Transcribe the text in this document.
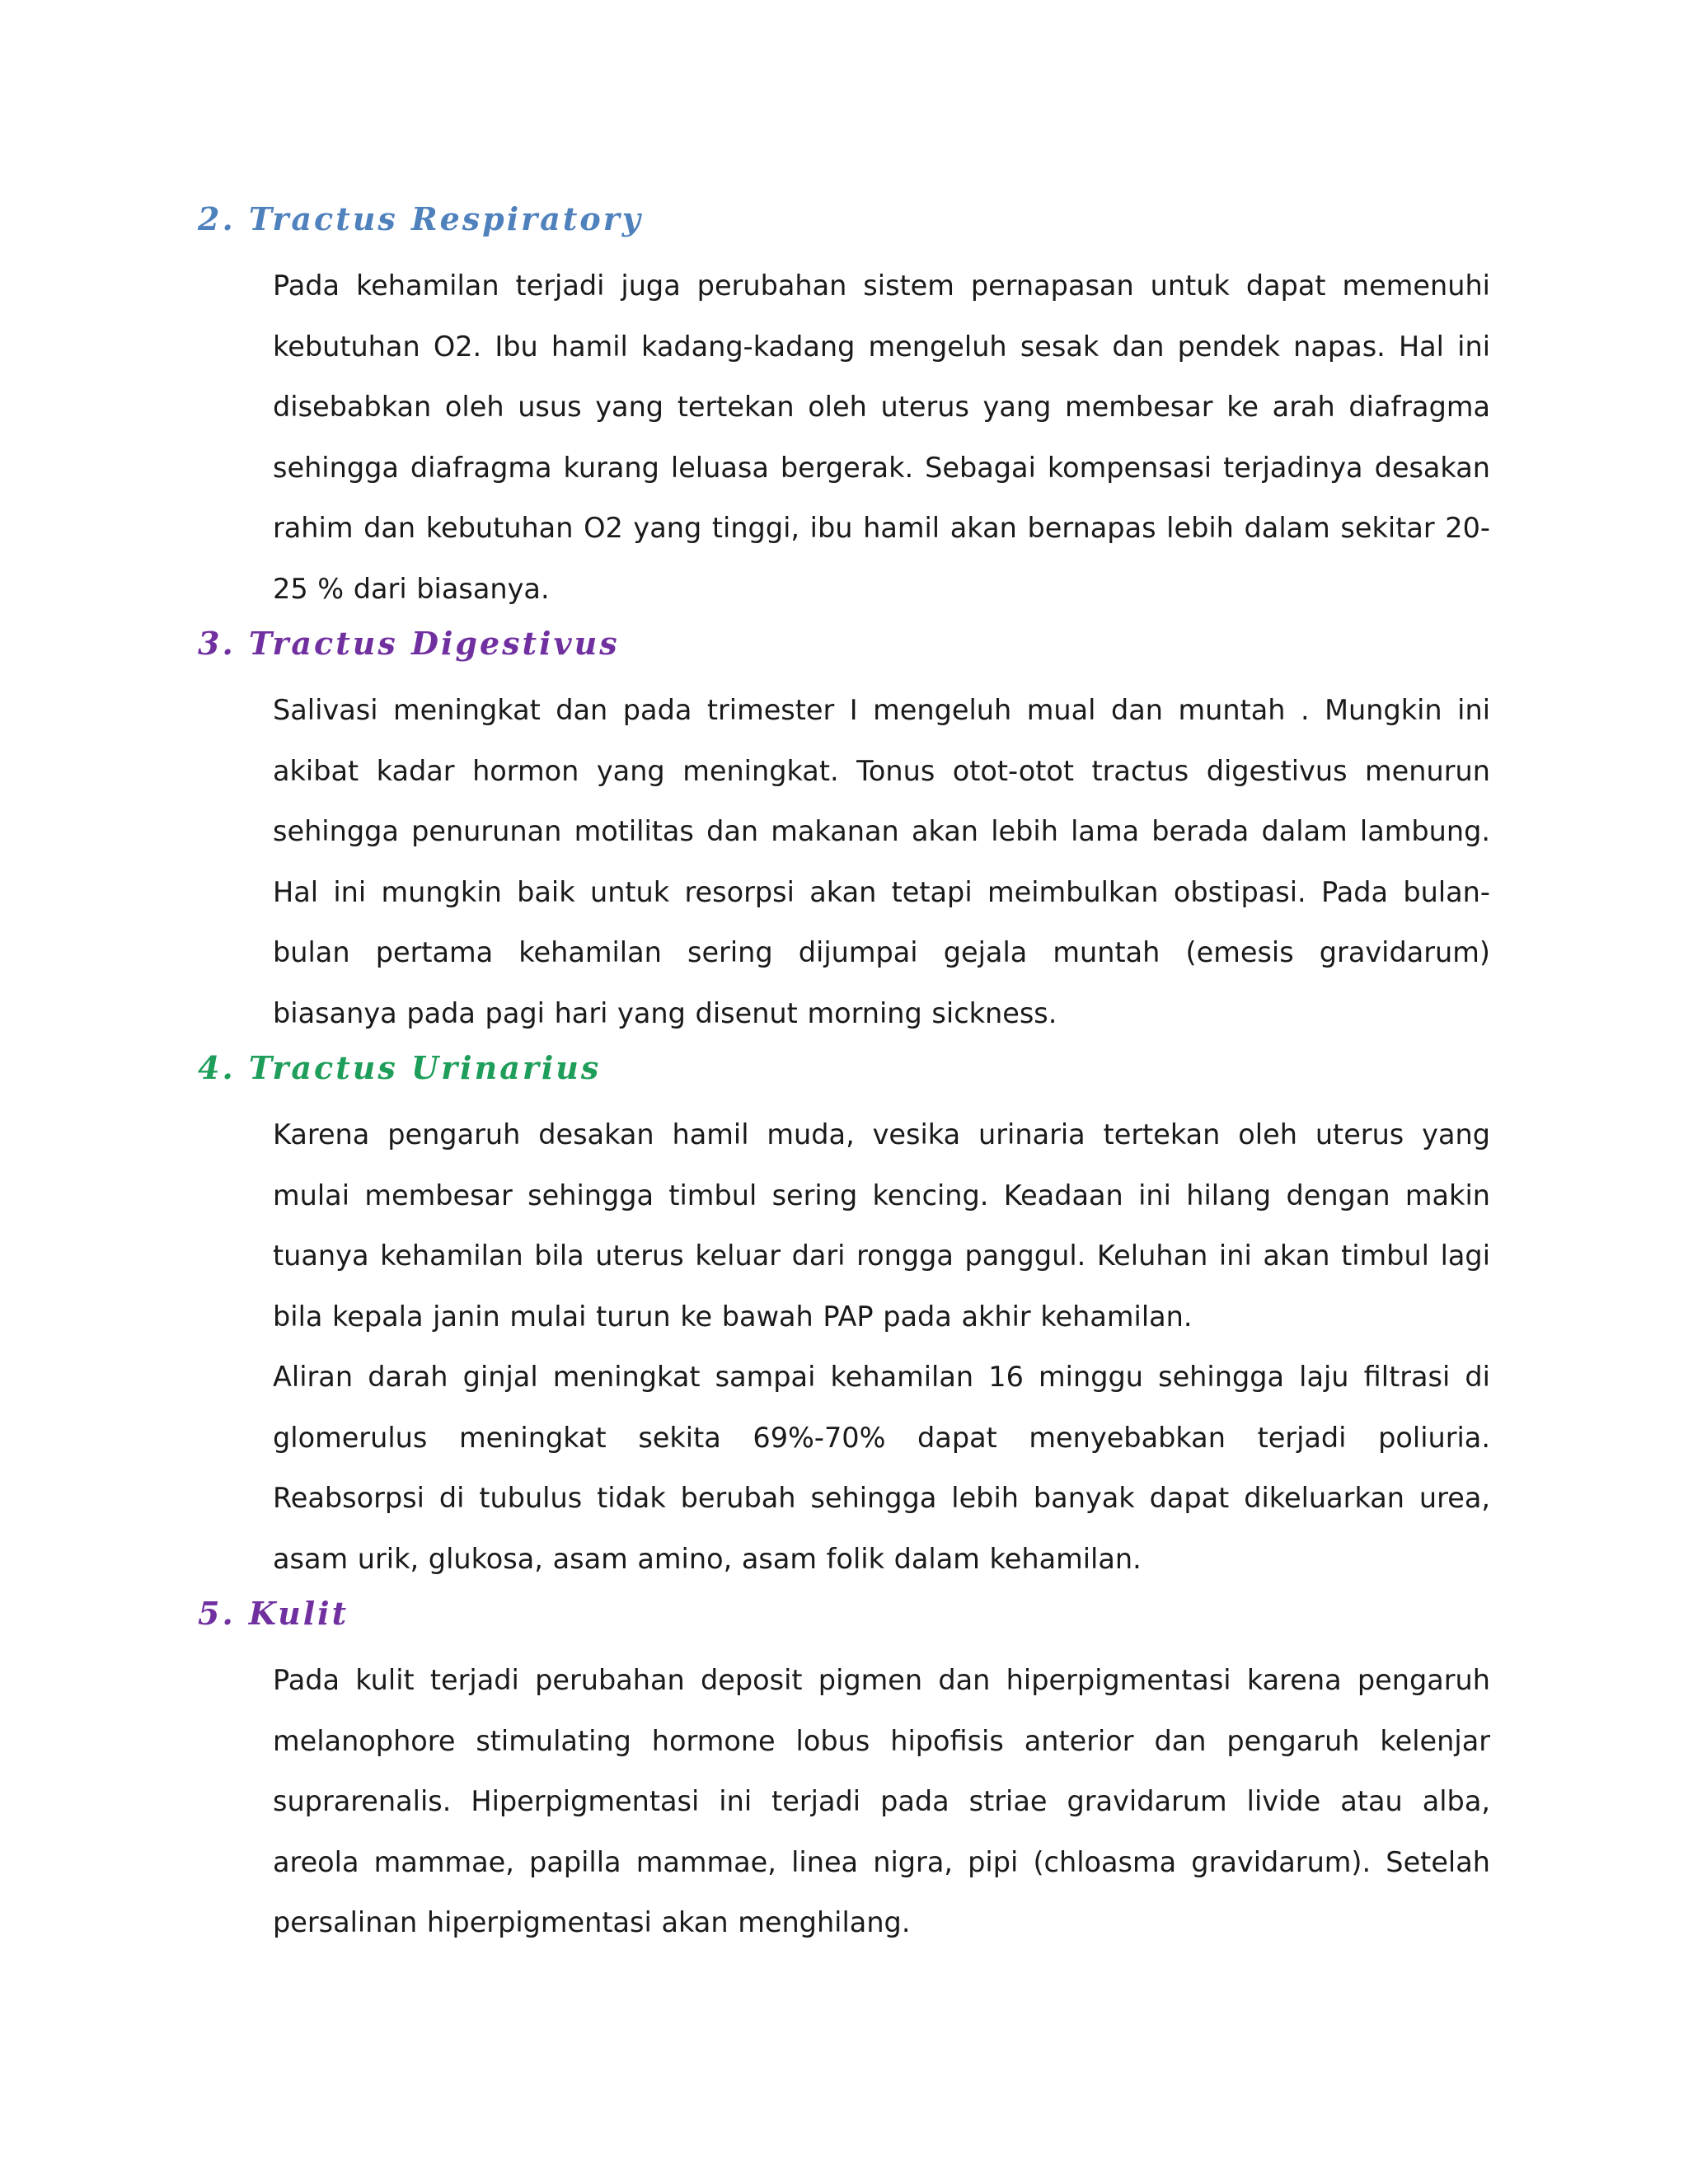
2. Tractus Respiratory

Pada kehamilan terjadi juga perubahan sistem pernapasan untuk dapat memenuhi kebutuhan O2. Ibu hamil kadang-kadang mengeluh sesak dan pendek napas. Hal ini disebabkan oleh usus yang tertekan oleh uterus yang membesar ke arah diafragma sehingga diafragma kurang leluasa bergerak. Sebagai kompensasi terjadinya desakan rahim dan kebutuhan O2 yang tinggi, ibu hamil akan bernapas lebih dalam sekitar 20-25 % dari biasanya.

3. Tractus Digestivus

Salivasi meningkat dan pada trimester I mengeluh mual dan muntah . Mungkin ini akibat kadar hormon yang meningkat. Tonus otot-otot tractus digestivus menurun sehingga penurunan motilitas dan makanan akan lebih lama berada dalam lambung. Hal ini mungkin baik untuk resorpsi akan tetapi meimbulkan obstipasi. Pada bulan-bulan pertama kehamilan sering dijumpai gejala muntah (emesis gravidarum) biasanya pada pagi hari yang disenut morning sickness.

4. Tractus Urinarius

Karena pengaruh desakan hamil muda, vesika urinaria tertekan oleh uterus yang mulai membesar sehingga timbul sering kencing. Keadaan ini hilang dengan makin tuanya kehamilan bila uterus keluar dari rongga panggul. Keluhan ini akan timbul lagi bila kepala janin mulai turun ke bawah PAP pada akhir kehamilan.

Aliran darah ginjal meningkat sampai kehamilan 16 minggu sehingga laju filtrasi di glomerulus meningkat sekita 69%-70% dapat menyebabkan terjadi poliuria. Reabsorpsi di tubulus tidak berubah sehingga lebih banyak dapat dikeluarkan urea, asam urik, glukosa, asam amino, asam folik dalam kehamilan.

5. Kulit

Pada kulit terjadi perubahan deposit pigmen dan hiperpigmentasi karena pengaruh melanophore stimulating hormone lobus hipofisis anterior dan pengaruh kelenjar suprarenalis. Hiperpigmentasi ini terjadi pada striae gravidarum livide atau alba, areola mammae, papilla mammae, linea nigra, pipi (chloasma gravidarum). Setelah persalinan hiperpigmentasi akan menghilang.
